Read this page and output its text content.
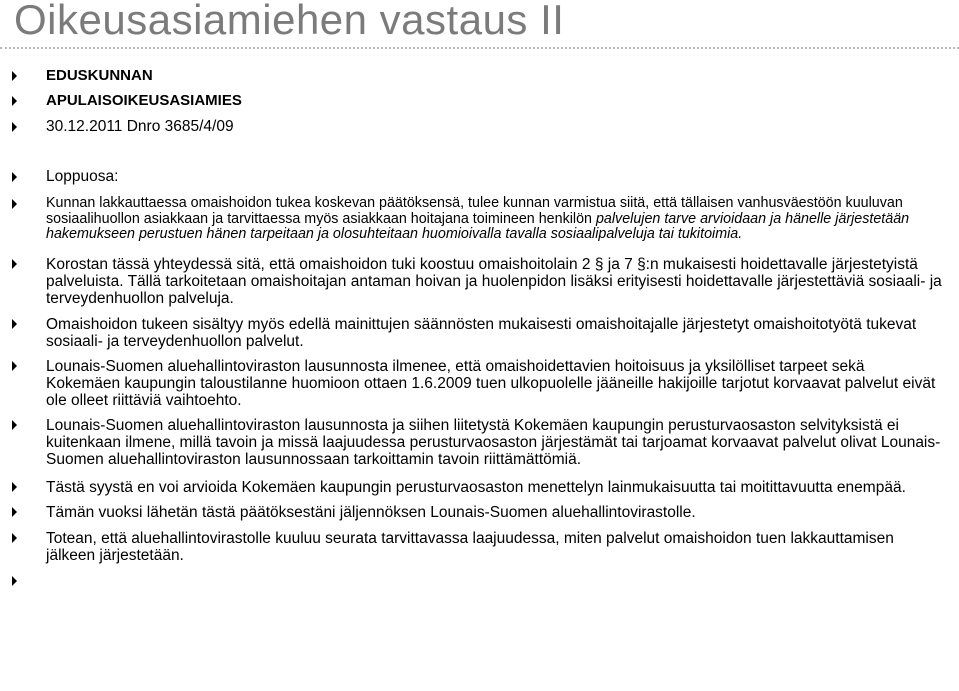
Oikeusasiamiehen vastaus II
EDUSKUNNAN
APULAISOIKEUSASIAMIES
30.12.2011 Dnro 3685/4/09
Loppuosa:
Kunnan lakkauttaessa omaishoidon tukea koskevan päätöksensä, tulee kunnan varmistua siitä, että tällaisen vanhusväestöön kuuluvan sosiaalihuollon asiakkaan ja tarvittaessa myös asiakkaan hoitajana toimineen henkilön palvelujen tarve arvioidaan ja hänelle järjestetään hakemukseen perustuen hänen tarpeitaan ja olosuhteitaan huomioivalla tavalla sosiaalipalveluja tai tukitoimia.
Korostan tässä yhteydessä sitä, että omaishoidon tuki koostuu omaishoitolain 2 § ja 7 §:n mukaisesti hoidettavalle järjestetyistä palveluista. Tällä tarkoitetaan omaishoitajan antaman hoivan ja huolenpidon lisäksi erityisesti hoidettavalle järjestettäviä sosiaali- ja terveydenhuollon palveluja.
Omaishoidon tukeen sisältyy myös edellä mainittujen säännösten mukaisesti omaishoitajalle järjestetyt omaishoitotyötä tukevat sosiaali- ja terveydenhuollon palvelut.
Lounais-Suomen aluehallintoviraston lausunnosta ilmenee, että omaishoidettavien hoitoisuus ja yksilölliset tarpeet sekä Kokemäen kaupungin taloustilanne huomioon ottaen 1.6.2009 tuen ulkopuolelle jääneille hakijoille tarjotut korvaavat palvelut eivät ole olleet riittäviä vaihtoehto.
Lounais-Suomen aluehallintoviraston lausunnosta ja siihen liitetystä Kokemäen kaupungin perusturvaosaston selvityksistä ei kuitenkaan ilmene, millä tavoin ja missä laajuudessa perusturvaosaston järjestämät tai tarjoamat korvaavat palvelut olivat Lounais-Suomen aluehallintoviraston lausunnossaan tarkoittamin tavoin riittämättömiä.
Tästä syystä en voi arvioida Kokemäen kaupungin perusturvaosaston menettelyn lainmukaisuutta tai moitittavuutta enempää.
Tämän vuoksi lähetän tästä päätöksestäni jäljennöksen Lounais-Suomen aluehallintovirastolle.
Totean, että aluehallintovirastolle kuuluu seurata tarvittavassa laajuudessa, miten palvelut omaishoidon tuen lakkauttamisen jälkeen järjestetään.
